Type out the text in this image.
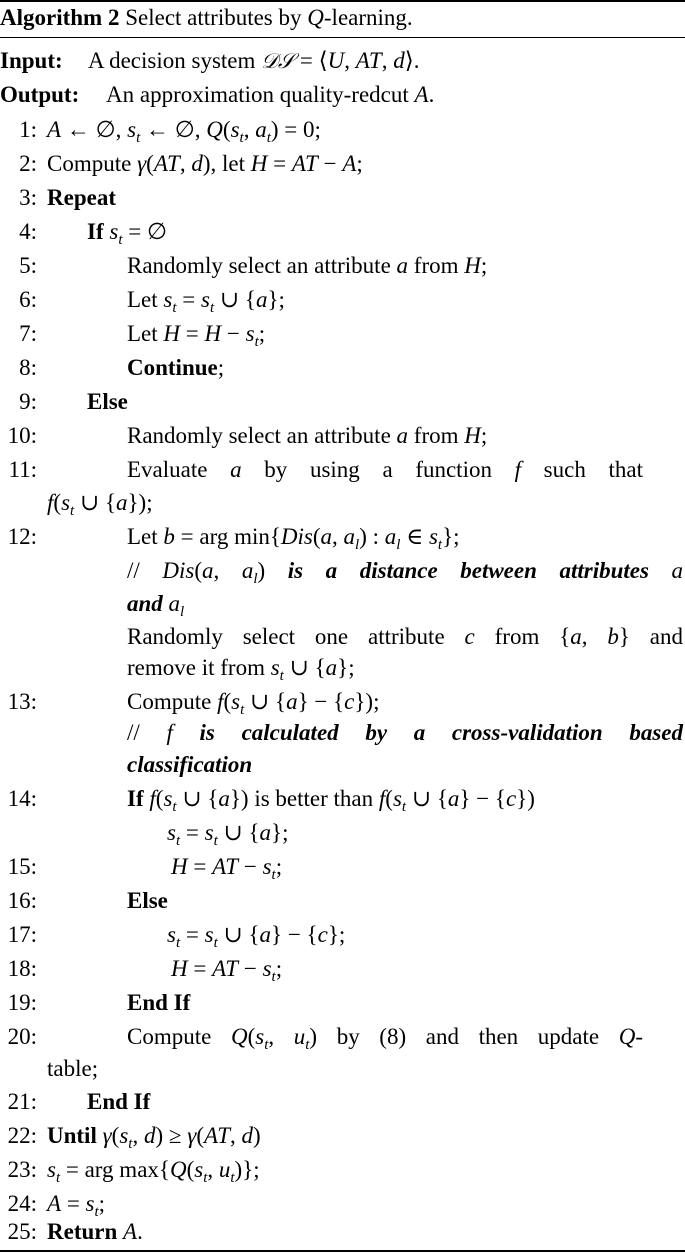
Algorithm 2 Select attributes by Q-learning.
Input: A decision system 𝒟𝒮 = ⟨U, AT, d⟩.
Output: An approximation quality-redcut A.
1: A ← ∅, $s_t$ ← ∅, $Q(s_t$, $a_t) = 0$;
2: Compute γ(AT, d), let H = AT − A;
3: Repeat
4: If $s_t$ = ∅
5:	Randomly select an attribute a from H;
6:	Let $s_t = s_t$ ∪ {a};
7:	Let $H = H - s_t$;
8:	Continue;
9: Else
10:	Randomly select an attribute a from H;
11:	Evaluate a by using a function f such that
$f(s_t$ ∪ {a});
12:	Let b = arg min{Dis(a, $a_l$) : $a_l$ ∈ $s_t$};
// Dis(a, $a_l$) is a distance between attributes a
and $a_l$
Randomly select one attribute c from {a, b} and
remove it from $s_t$ ∪ {a};
13:	Compute $f(s_t$ ∪ {a} − {c});
// f is calculated by a cross-validation based
classification
14:	If $f(s_t$ ∪ {a}) is better than $f(s_t$ ∪ {a} − {c})
$s_t = s_t$ ∪ {a};
15:	H = AT − $s_t$;
16:	Else
17:	$s_t = s_t$ ∪ {a} − {c};
18:	H = AT − $s_t$;
19:	End If
20:	Compute $Q(s_t$, $u_t$) by (8) and then update Q-
table;
21: End If
22: Until $\gamma(s_t$, d) ≥ γ(AT, d)
23: $s_t$ = arg $\max\{Q(s_t$, $u_t$)};
24: $A = s_t$;
25: Return A.
